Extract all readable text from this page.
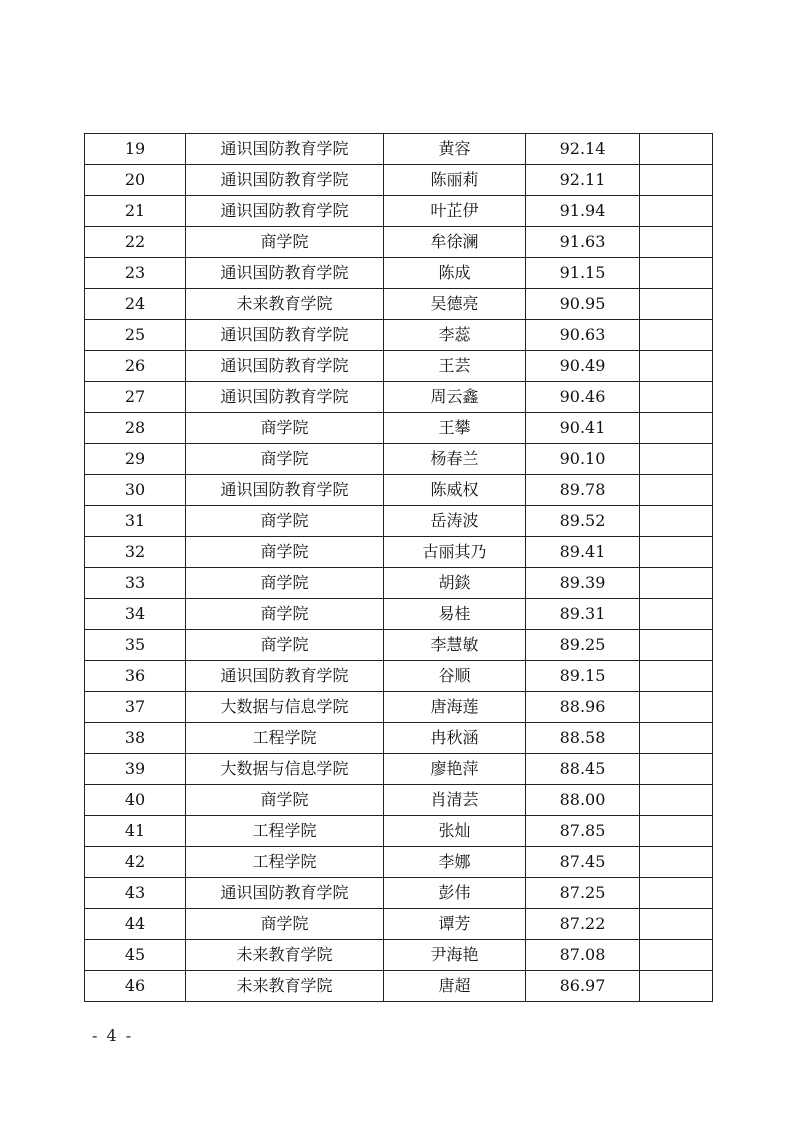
19	通识国防教育学院	黄容	92.14	
20	通识国防教育学院	陈丽莉	92.11	
21	通识国防教育学院	叶芷伊	91.94	
22	商学院	牟徐澜	91.63	
23	通识国防教育学院	陈成	91.15	
24	未来教育学院	吴德亮	90.95	
25	通识国防教育学院	李蕊	90.63	
26	通识国防教育学院	王芸	90.49	
27	通识国防教育学院	周云鑫	90.46	
28	商学院	王攀	90.41	
29	商学院	杨春兰	90.10	
30	通识国防教育学院	陈威权	89.78	
31	商学院	岳涛波	89.52	
32	商学院	古丽其乃	89.41	
33	商学院	胡錟	89.39	
34	商学院	易桂	89.31	
35	商学院	李慧敏	89.25	
36	通识国防教育学院	谷顺	89.15	
37	大数据与信息学院	唐海莲	88.96	
38	工程学院	冉秋涵	88.58	
39	大数据与信息学院	廖艳萍	88.45	
40	商学院	肖清芸	88.00	
41	工程学院	张灿	87.85	
42	工程学院	李娜	87.45	
43	通识国防教育学院	彭伟	87.25	
44	商学院	谭芳	87.22	
45	未来教育学院	尹海艳	87.08	
46	未来教育学院	唐超	86.97	
- 4 -
